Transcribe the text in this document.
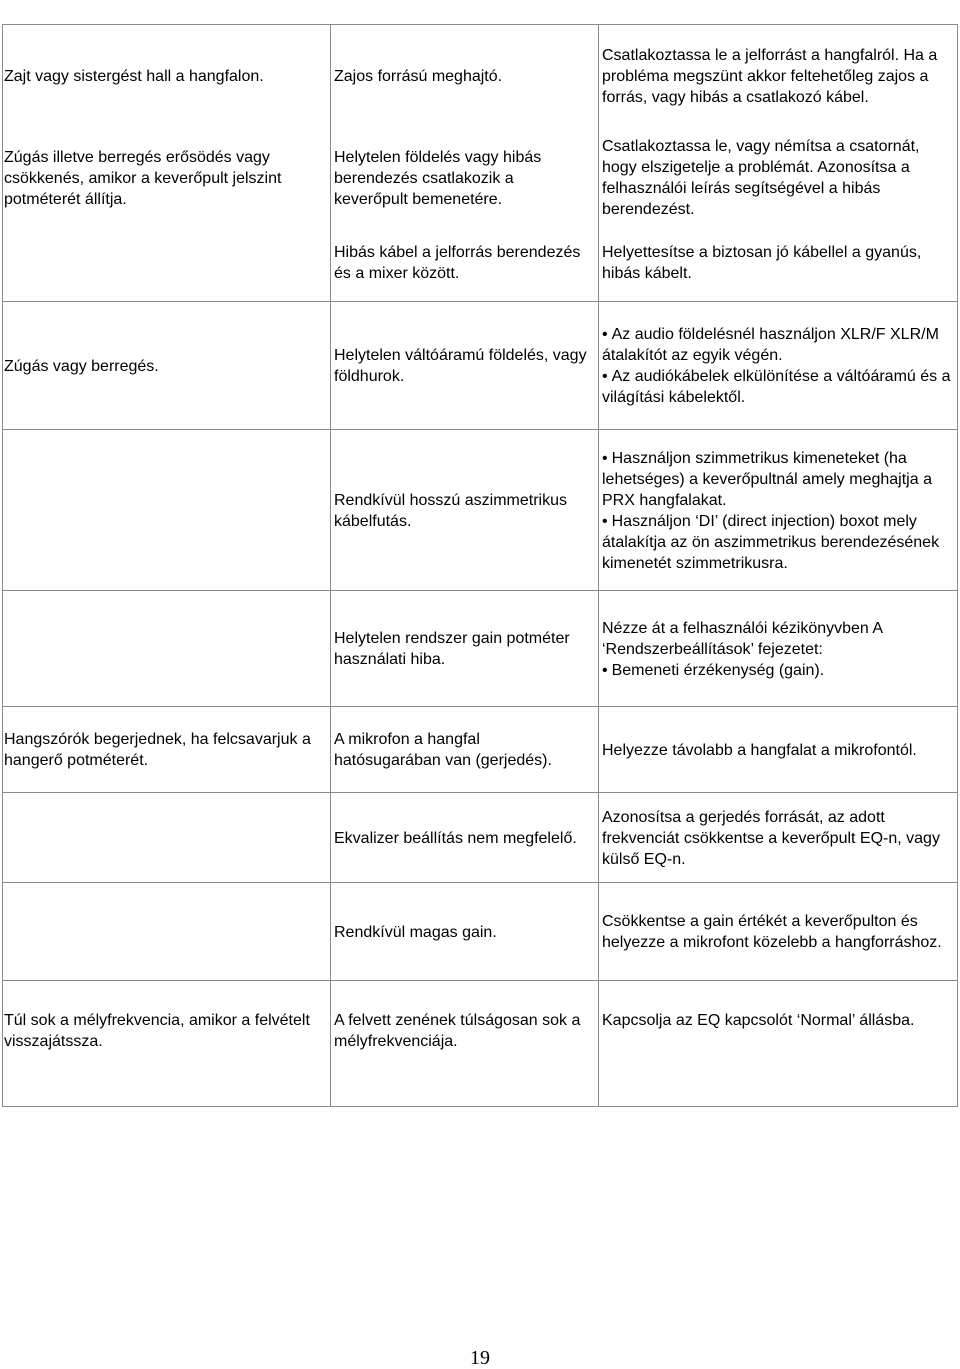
Zajt vagy sistergést hall a hangfalon.	Zajos forrású meghajtó.

Csatlakoztassa le a jelforrást a hangfalról. Ha a probléma megszünt akkor feltehetőleg zajos a forrás, vagy hibás a csatlakozó kábel.

Zúgás illetve berregés erősödés vagy csökkenés, amikor a keverőpult jelszint potméterét állítja.

Helytelen földelés vagy hibás berendezés csatlakozik a keverőpult bemenetére.

Csatlakoztassa le, vagy némítsa a csatornát, hogy elszigetelje a problémát. Azonosítsa a felhasználói leírás segítségével a hibás berendezést.

Hibás kábel a jelforrás berendezés és a mixer között.

Helyettesítse a biztosan jó kábellel a gyanús, hibás kábelt.

Zúgás vagy berregés.

Helytelen váltóáramú földelés, vagy földhurok.

• Az audio földelésnél használjon XLR/F XLR/M átalakítót az egyik végén.

• Az audiókábelek elkülönítése a váltóáramú és a világítási kábelektől.

Rendkívül hosszú aszimmetrikus kábelfutás.

• Használjon szimmetrikus kimeneteket (ha lehetséges) a keverőpultnál amely meghajtja a PRX hangfalakat.

• Használjon ‘DI’ (direct injection) boxot mely átalakítja az ön aszimmetrikus berendezésének kimenetét szimmetrikusra.

Helytelen rendszer gain potméter használati hiba.

Nézze át a felhasználói kézikönyvben A ‘Rendszerbeállítások’ fejezetet:

• Bemeneti érzékenység (gain).

Hangszórók begerjednek, ha felcsavarjuk a hangerő potméterét.

A mikrofon a hangfal hatósugarában van (gerjedés).

Helyezze távolabb a hangfalat a mikrofontól.

Ekvalizer beállítás nem megfelelő.

Azonosítsa a gerjedés forrását, az adott frekvenciát csökkentse a keverőpult EQ-n, vagy külső EQ-n.

Rendkívül magas gain.

Csökkentse a gain értékét a keverőpulton és helyezze a mikrofont közelebb a hangforráshoz.

Túl sok a mélyfrekvencia, amikor a felvételt visszajátssza.

A felvett zenének túlságosan sok a mélyfrekvenciája.

Kapcsolja az EQ kapcsolót ‘Normal’ állásba.

19
